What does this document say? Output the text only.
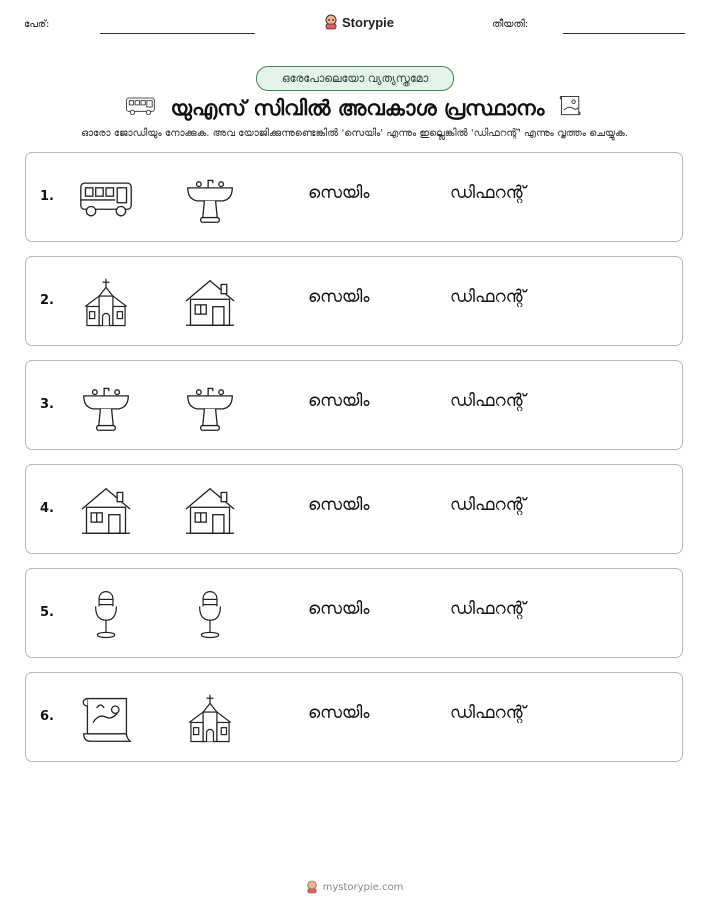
പേര്:	Storypie	തീയതി:
ഒരേപോലെയോ വ്യത്യസ്തമോ
യുഎസ് സിവിൽ അവകാശ പ്രസ്ഥാനം
ഓരോ ജോഡിയും നോക്കുക. അവ യോജിക്കുന്നുണ്ടെങ്കിൽ 'സെയിം' എന്നും ഇല്ലെങ്കിൽ 'ഡിഫറന്റ്' എന്നും വൃത്തം ചെയ്യുക.
1.	സെയിം	ഡിഫറന്റ്
2.	സെയിം	ഡിഫറന്റ്
3.	സെയിം	ഡിഫറന്റ്
4.	സെയിം	ഡിഫറന്റ്
5.	സെയിം	ഡിഫറന്റ്
6.	സെയിം	ഡിഫറന്റ്
mystorypie.com
